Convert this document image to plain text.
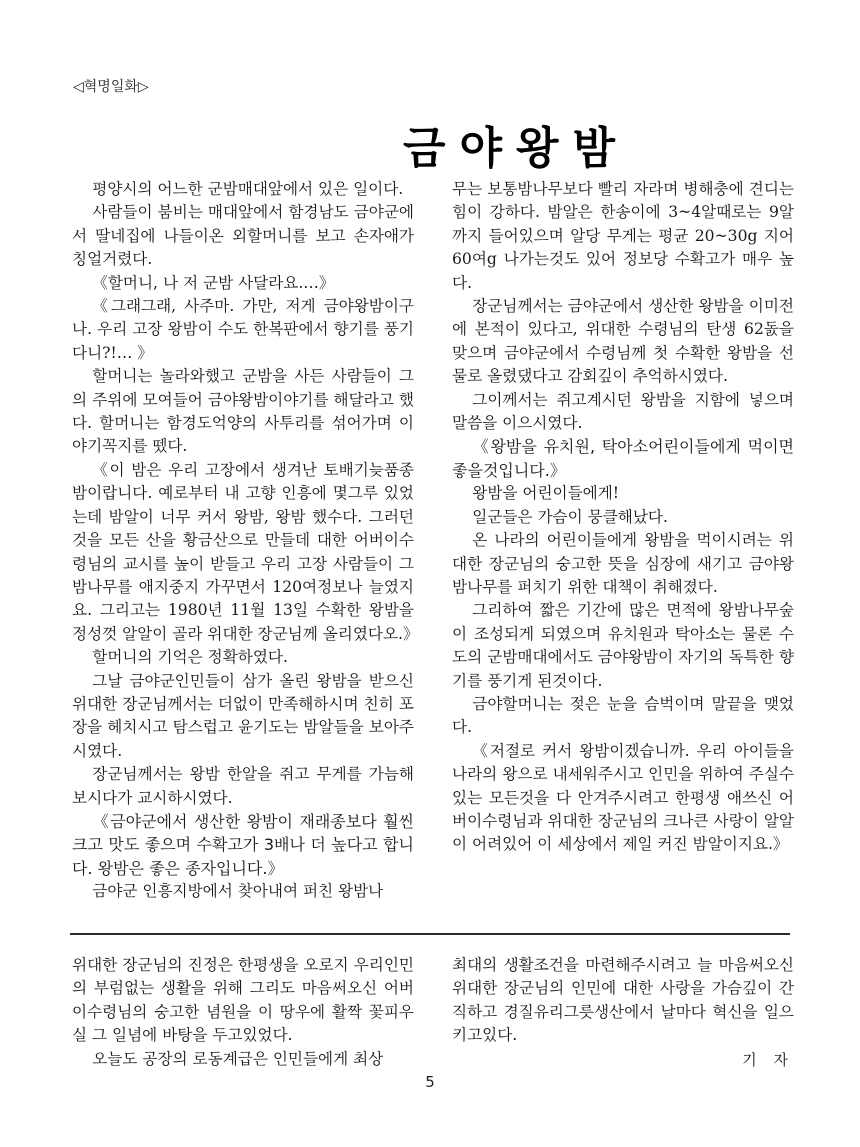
◁혁명일화▷
금야왕밤

평양시의 어느한 군밤매대앞에서 있은 일이다.

사람들이 붐비는 매대앞에서 함경남도 금야군에서 딸네집에 나들이온 외할머니를 보고 손자애가 칭얼거렸다.

《할머니, 나 저 군밤 사달라요.…》

《그래그래, 사주마. 가만, 저게 금야왕밤이구나. 우리 고장 왕밤이 수도 한복판에서 향기를 풍기다니?!… 》

할머니는 놀라와했고 군밤을 사든 사람들이 그의 주위에 모여들어 금야왕밤이야기를 해달라고 했다. 할머니는 함경도억양의 사투리를 섞어가며 이야기꼭지를 뗐다.

《이 밤은 우리 고장에서 생겨난 토배기늦품종밤이랍니다. 예로부터 내 고향 인흥에 몇그루 있었는데 밤알이 너무 커서 왕밤, 왕밤 했수다. 그러던것을 모든 산을 황금산으로 만들데 대한 어버이수령님의 교시를 높이 받들고 우리 고장 사람들이 그 밤나무를 애지중지 가꾸면서 120여정보나 늘였지요. 그리고는 1980년 11월 13일 수확한 왕밤을 정성껏 알알이 골라 위대한 장군님께 올리였다오.》

할머니의 기억은 정확하였다.

그날 금야군인민들이 삼가 올린 왕밤을 받으신 위대한 장군님께서는 더없이 만족해하시며 친히 포장을 헤치시고 탐스럽고 윤기도는 밤알들을 보아주시였다.

장군님께서는 왕밤 한알을 쥐고 무게를 가늠해보시다가 교시하시였다.

《금야군에서 생산한 왕밤이 재래종보다 훨씬 크고 맛도 좋으며 수확고가 3배나 더 높다고 합니다. 왕밤은 좋은 종자입니다.》

금야군 인흥지방에서 찾아내여 퍼친 왕밤나

무는 보통밤나무보다 빨리 자라며 병해충에 견디는 힘이 강하다. 밤알은 한송이에 3~4알때로는 9알까지 들어있으며 알당 무게는 평균 20~30g 지어 60여g 나가는것도 있어 정보당 수확고가 매우 높다.

장군님께서는 금야군에서 생산한 왕밤을 이미전에 본적이 있다고, 위대한 수령님의 탄생 62돐을 맞으며 금야군에서 수령님께 첫 수확한 왕밤을 선물로 올렸댔다고 감회깊이 추억하시였다.

그이께서는 쥐고계시던 왕밤을 지함에 넣으며 말씀을 이으시였다.

《왕밤을 유치원, 탁아소어린이들에게 먹이면 좋을것입니다.》

왕밤을 어린이들에게!

일군들은 가슴이 뭉클해났다.

온 나라의 어린이들에게 왕밤을 먹이시려는 위대한 장군님의 숭고한 뜻을 심장에 새기고 금야왕밤나무를 퍼치기 위한 대책이 취해졌다.

그리하여 짧은 기간에 많은 면적에 왕밤나무숲이 조성되게 되였으며 유치원과 탁아소는 물론 수도의 군밤매대에서도 금야왕밤이 자기의 독특한 향기를 풍기게 된것이다.

금야할머니는 젖은 눈을 슴벅이며 말끝을 맺었다.

《저절로 커서 왕밤이겠습니까. 우리 아이들을 나라의 왕으로 내세워주시고 인민을 위하여 주실수 있는 모든것을 다 안겨주시려고 한평생 애쓰신 어버이수령님과 위대한 장군님의 크나큰 사랑이 알알이 어려있어 이 세상에서 제일 커진 밤알이지요.》

위대한 장군님의 진정은 한평생을 오로지 우리인민의 부럼없는 생활을 위해 그리도 마음써오신 어버이수령님의 숭고한 념원을 이 땅우에 활짝 꽃피우실 그 일념에 바탕을 두고있었다.

오늘도 공장의 로동계급은 인민들에게 최상

최대의 생활조건을 마련해주시려고 늘 마음써오신 위대한 장군님의 인민에 대한 사랑을 가슴깊이 간직하고 경질유리그릇생산에서 날마다 혁신을 일으키고있다.

기 자
5
